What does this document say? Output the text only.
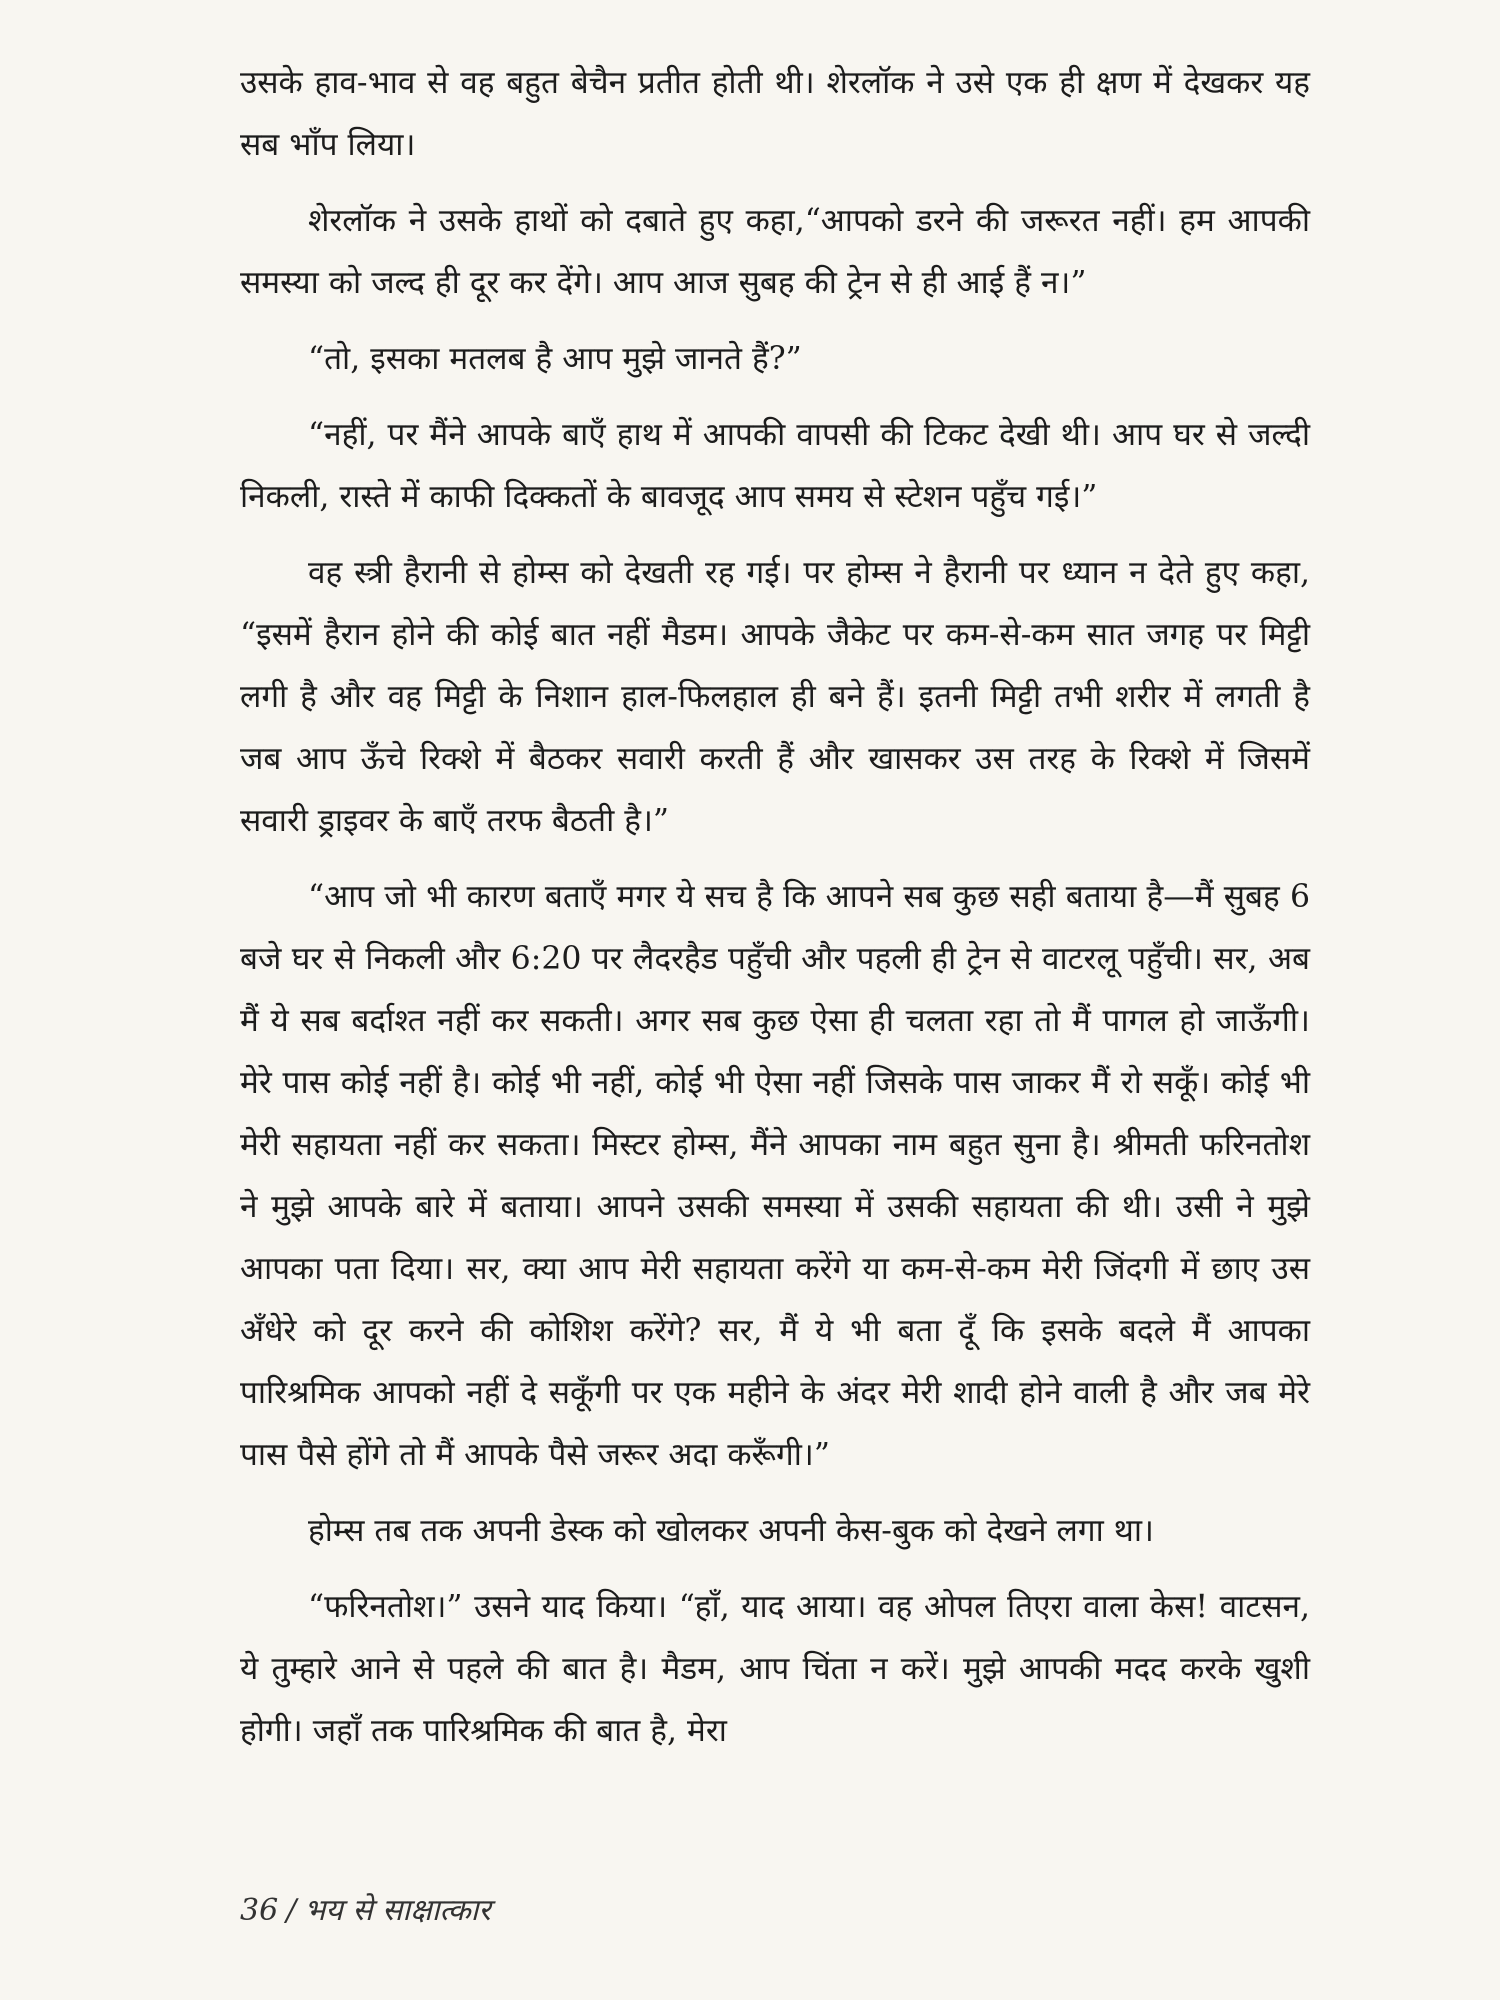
उसके हाव-भाव से वह बहुत बेचैन प्रतीत होती थी। शेरलॉक ने उसे एक ही क्षण में देखकर यह सब भाँप लिया।

शेरलॉक ने उसके हाथों को दबाते हुए कहा,“आपको डरने की जरूरत नहीं। हम आपकी समस्या को जल्द ही दूर कर देंगे। आप आज सुबह की ट्रेन से ही आई हैं न।”

“तो, इसका मतलब है आप मुझे जानते हैं?”

“नहीं, पर मैंने आपके बाएँ हाथ में आपकी वापसी की टिकट देखी थी। आप घर से जल्दी निकली, रास्ते में काफी दिक्कतों के बावजूद आप समय से स्टेशन पहुँच गई।”

वह स्त्री हैरानी से होम्स को देखती रह गई। पर होम्स ने हैरानी पर ध्यान न देते हुए कहा, “इसमें हैरान होने की कोई बात नहीं मैडम। आपके जैकेट पर कम-से-कम सात जगह पर मिट्टी लगी है और वह मिट्टी के निशान हाल-फिलहाल ही बने हैं। इतनी मिट्टी तभी शरीर में लगती है जब आप ऊँचे रिक्शे में बैठकर सवारी करती हैं और खासकर उस तरह के रिक्शे में जिसमें सवारी ड्राइवर के बाएँ तरफ बैठती है।”

“आप जो भी कारण बताएँ मगर ये सच है कि आपने सब कुछ सही बताया है—मैं सुबह 6 बजे घर से निकली और 6:20 पर लैदरहैड पहुँची और पहली ही ट्रेन से वाटरलू पहुँची। सर, अब मैं ये सब बर्दाश्त नहीं कर सकती। अगर सब कुछ ऐसा ही चलता रहा तो मैं पागल हो जाऊँगी। मेरे पास कोई नहीं है। कोई भी नहीं, कोई भी ऐसा नहीं जिसके पास जाकर मैं रो सकूँ। कोई भी मेरी सहायता नहीं कर सकता। मिस्टर होम्स, मैंने आपका नाम बहुत सुना है। श्रीमती फरिनतोश ने मुझे आपके बारे में बताया। आपने उसकी समस्या में उसकी सहायता की थी। उसी ने मुझे आपका पता दिया। सर, क्या आप मेरी सहायता करेंगे या कम-से-कम मेरी जिंदगी में छाए उस अँधेरे को दूर करने की कोशिश करेंगे? सर, मैं ये भी बता दूँ कि इसके बदले मैं आपका पारिश्रमिक आपको नहीं दे सकूँगी पर एक महीने के अंदर मेरी शादी होने वाली है और जब मेरे पास पैसे होंगे तो मैं आपके पैसे जरूर अदा करूँगी।”

होम्स तब तक अपनी डेस्क को खोलकर अपनी केस-बुक को देखने लगा था।

“फरिनतोश।” उसने याद किया। “हाँ, याद आया। वह ओपल तिएरा वाला केस! वाटसन, ये तुम्हारे आने से पहले की बात है। मैडम, आप चिंता न करें। मुझे आपकी मदद करके खुशी होगी। जहाँ तक पारिश्रमिक की बात है, मेरा

36 / भय से साक्षात्कार
